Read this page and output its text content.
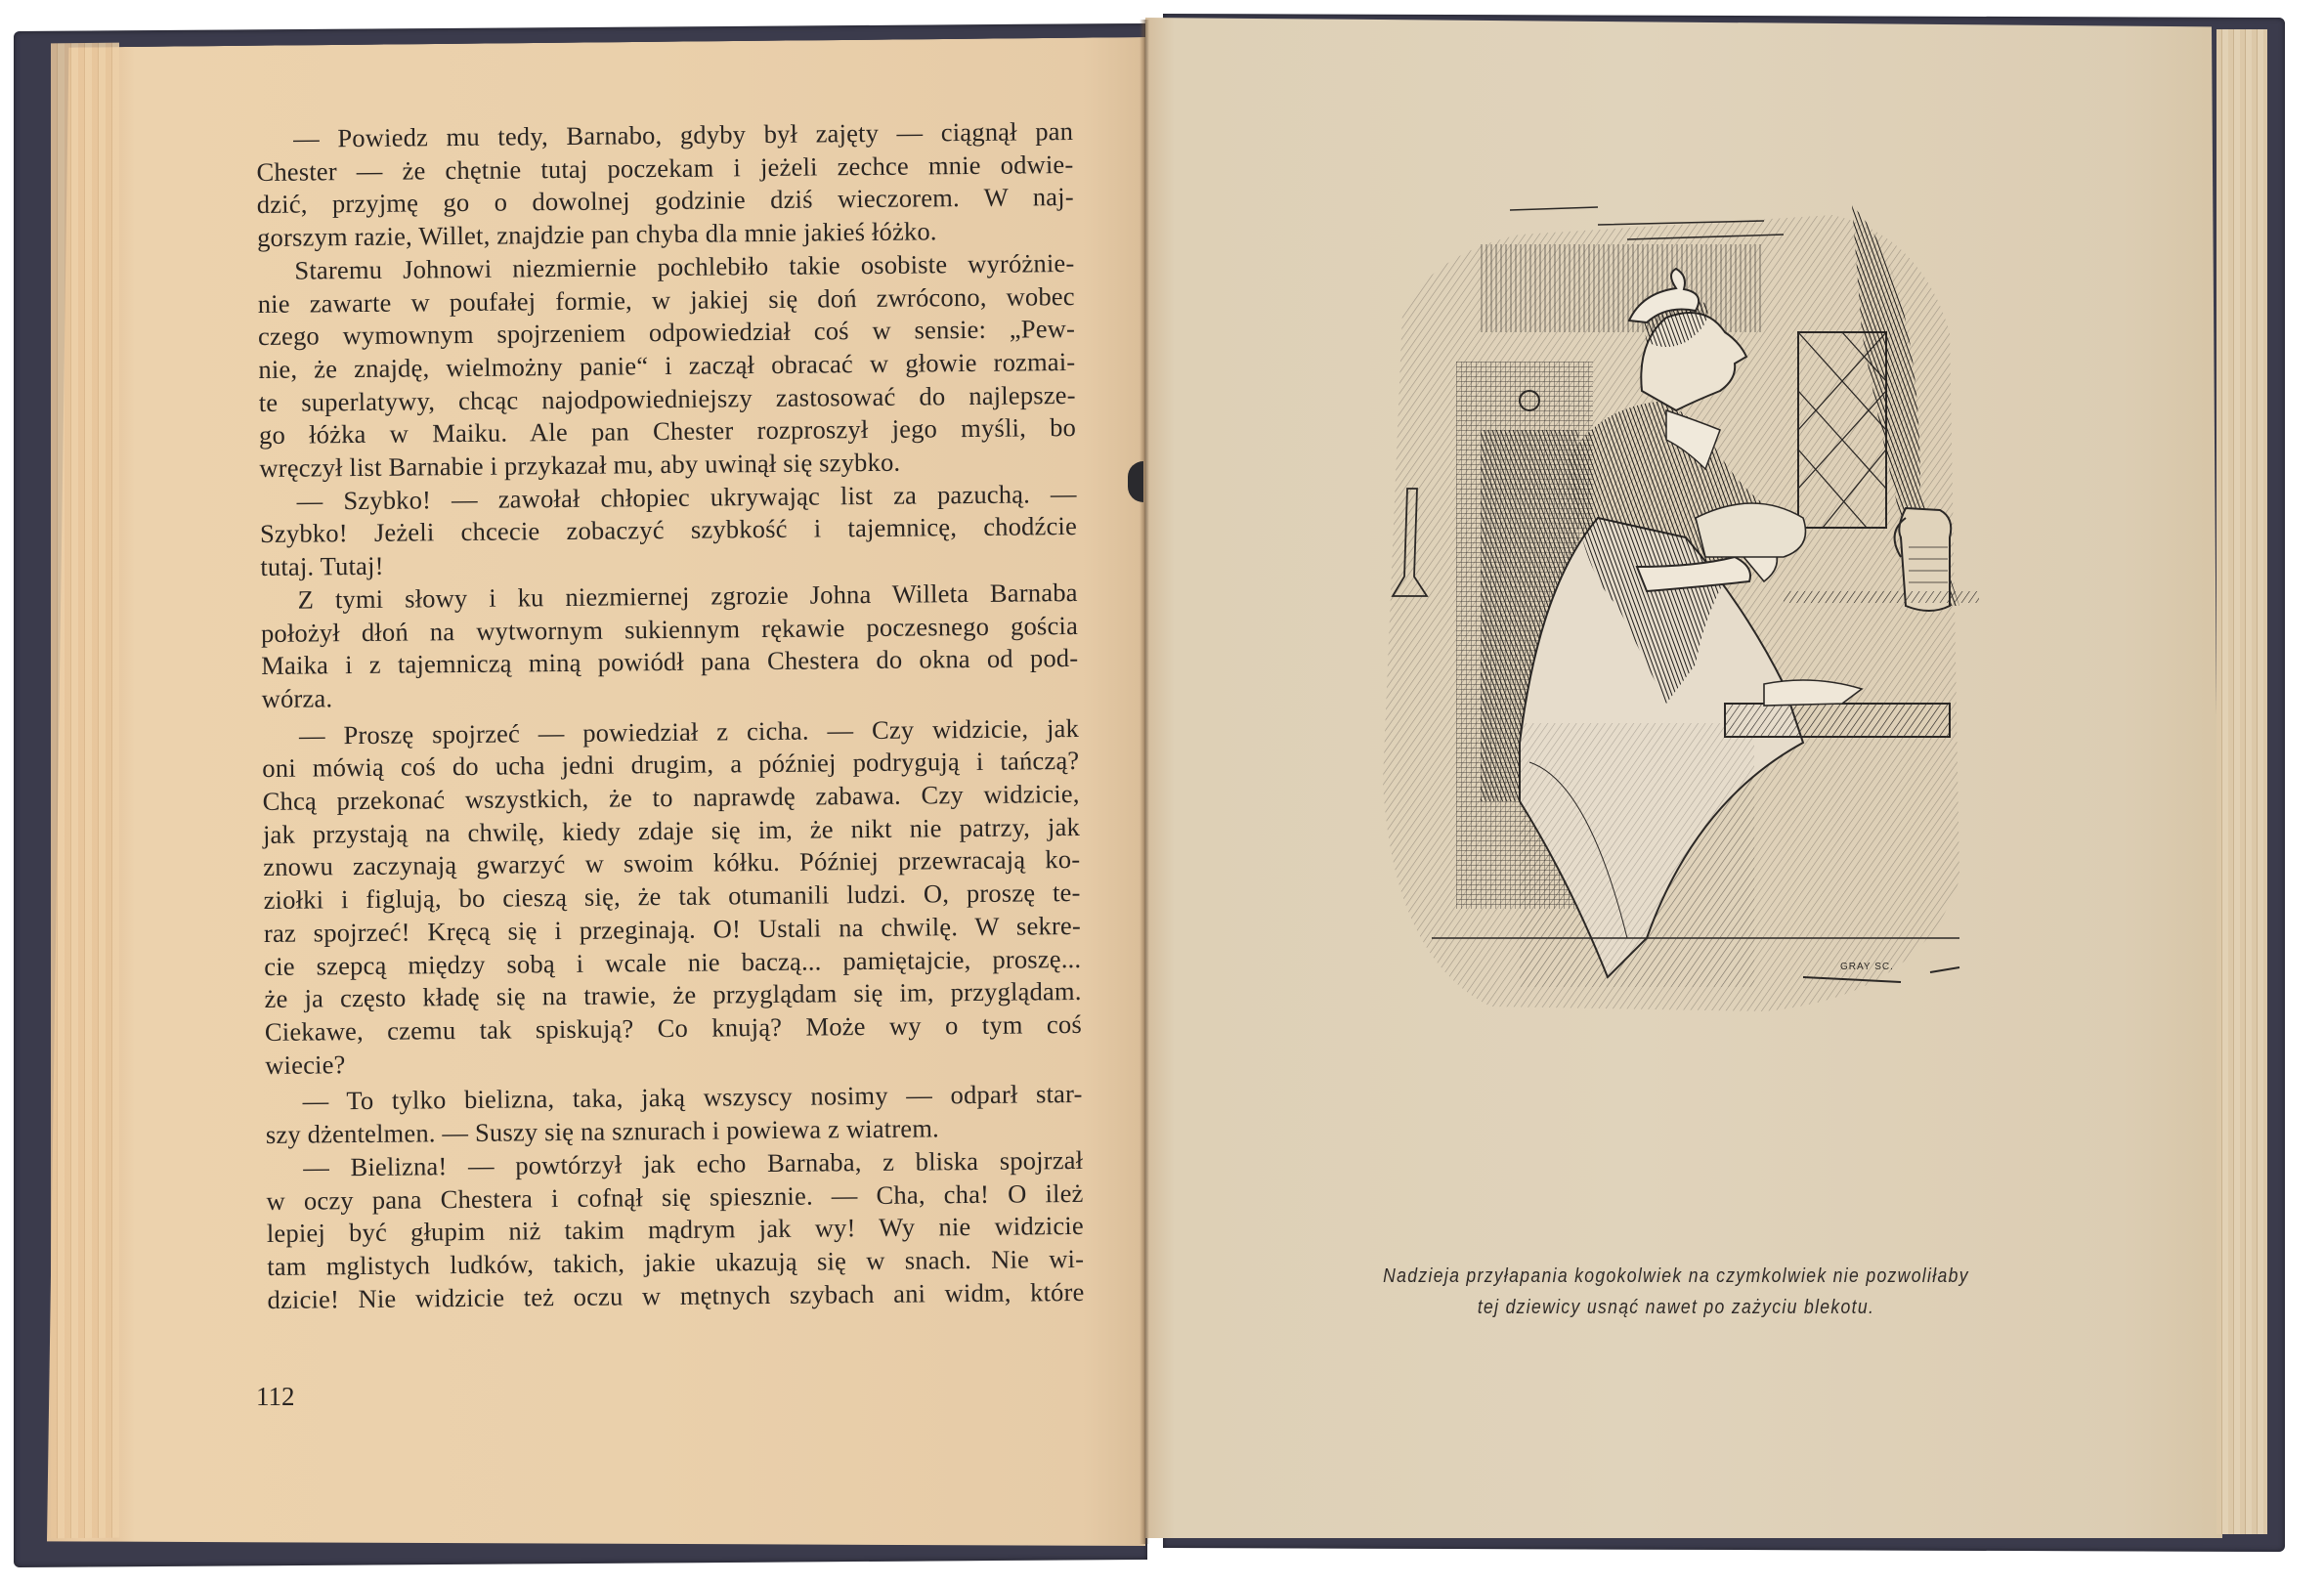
— Powiedz mu tedy, Barnabo, gdyby był zajęty — ciągnął pan
Chester — że chętnie tutaj poczekam i jeżeli zechce mnie odwie-
dzić, przyjmę go o dowolnej godzinie dziś wieczorem. W naj-
gorszym razie, Willet, znajdzie pan chyba dla mnie jakieś łóżko.
Staremu Johnowi niezmiernie pochlebiło takie osobiste wyróżnie-
nie zawarte w poufałej formie, w jakiej się doń zwrócono, wobec
czego wymownym spojrzeniem odpowiedział coś w sensie: „Pew-
nie, że znajdę, wielmożny panie“ i zaczął obracać w głowie rozmai-
te superlatywy, chcąc najodpowiedniejszy zastosować do najlepsze-
go łóżka w Maiku. Ale pan Chester rozproszył jego myśli, bo
wręczył list Barnabie i przykazał mu, aby uwinął się szybko.
— Szybko! — zawołał chłopiec ukrywając list za pazuchą. —
Szybko! Jeżeli chcecie zobaczyć szybkość i tajemnicę, chodźcie
tutaj. Tutaj!
Z tymi słowy i ku niezmiernej zgrozie Johna Willeta Barnaba
położył dłoń na wytwornym sukiennym rękawie poczesnego gościa
Maika i z tajemniczą miną powiódł pana Chestera do okna od pod-
wórza.
— Proszę spojrzeć — powiedział z cicha. — Czy widzicie, jak
oni mówią coś do ucha jedni drugim, a później podrygują i tańczą?
Chcą przekonać wszystkich, że to naprawdę zabawa. Czy widzicie,
jak przystają na chwilę, kiedy zdaje się im, że nikt nie patrzy, jak
znowu zaczynają gwarzyć w swoim kółku. Później przewracają ko-
ziołki i figlują, bo cieszą się, że tak otumanili ludzi. O, proszę te-
raz spojrzeć! Kręcą się i przeginają. O! Ustali na chwilę. W sekre-
cie szepcą między sobą i wcale nie baczą... pamiętajcie, proszę...
że ja często kładę się na trawie, że przyglądam się im, przyglądam.
Ciekawe, czemu tak spiskują? Co knują? Może wy o tym coś
wiecie?
— To tylko bielizna, taka, jaką wszyscy nosimy — odparł star-
szy dżentelmen. — Suszy się na sznurach i powiewa z wiatrem.
— Bielizna! — powtórzył jak echo Barnaba, z bliska spojrzał
w oczy pana Chestera i cofnął się spiesznie. — Cha, cha! O ileż
lepiej być głupim niż takim mądrym jak wy! Wy nie widzicie
tam mglistych ludków, takich, jakie ukazują się w snach. Nie wi-
dzicie! Nie widzicie też oczu w mętnych szybach ani widm, które
112
GRAY SC.
Nadzieja przyłapania kogokolwiek na czymkolwiek nie pozwoliłaby
tej dziewicy usnąć nawet po zażyciu blekotu.
